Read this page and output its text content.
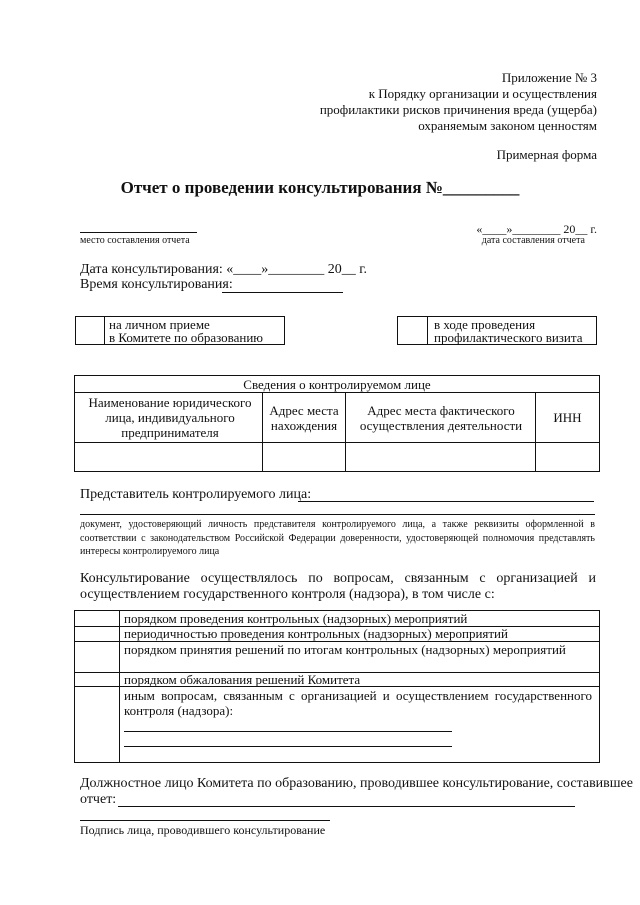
Приложение № 3
к Порядку организации и осуществления
профилактики рисков причинения вреда (ущерба)
охраняемым законом ценностям
Примерная форма
Отчет о проведении консультирования №_________
место составления отчета
«____»________ 20__ г.
дата составления отчета
Дата консультирования: «____»________ 20__ г.
Время консультирования:
на личном приеме
в Комитете по образованию
в ходе проведения
профилактического визита
Сведения о контролируемом лице
Наименование юридического лица, индивидуального предпринимателя
Адрес места нахождения
Адрес места фактического осуществления деятельности
ИНН
Представитель контролируемого лица:
документ, удостоверяющий личность представителя контролируемого лица, а также реквизиты оформленной в соответствии с законодательством Российской Федерации доверенности, удостоверяющей полномочия представлять интересы контролируемого лица
Консультирование осуществлялось по вопросам, связанным с организацией и осуществлением государственного контроля (надзора), в том числе с:
порядком проведения контрольных (надзорных) мероприятий
периодичностью проведения контрольных (надзорных) мероприятий
порядком принятия решений по итогам контрольных (надзорных) мероприятий
порядком обжалования решений Комитета
иным вопросам, связанным с организацией и осуществлением государственного контроля (надзора):
Должностное лицо Комитета по образованию, проводившее консультирование, составившее
отчет:
Подпись лица, проводившего консультирование
